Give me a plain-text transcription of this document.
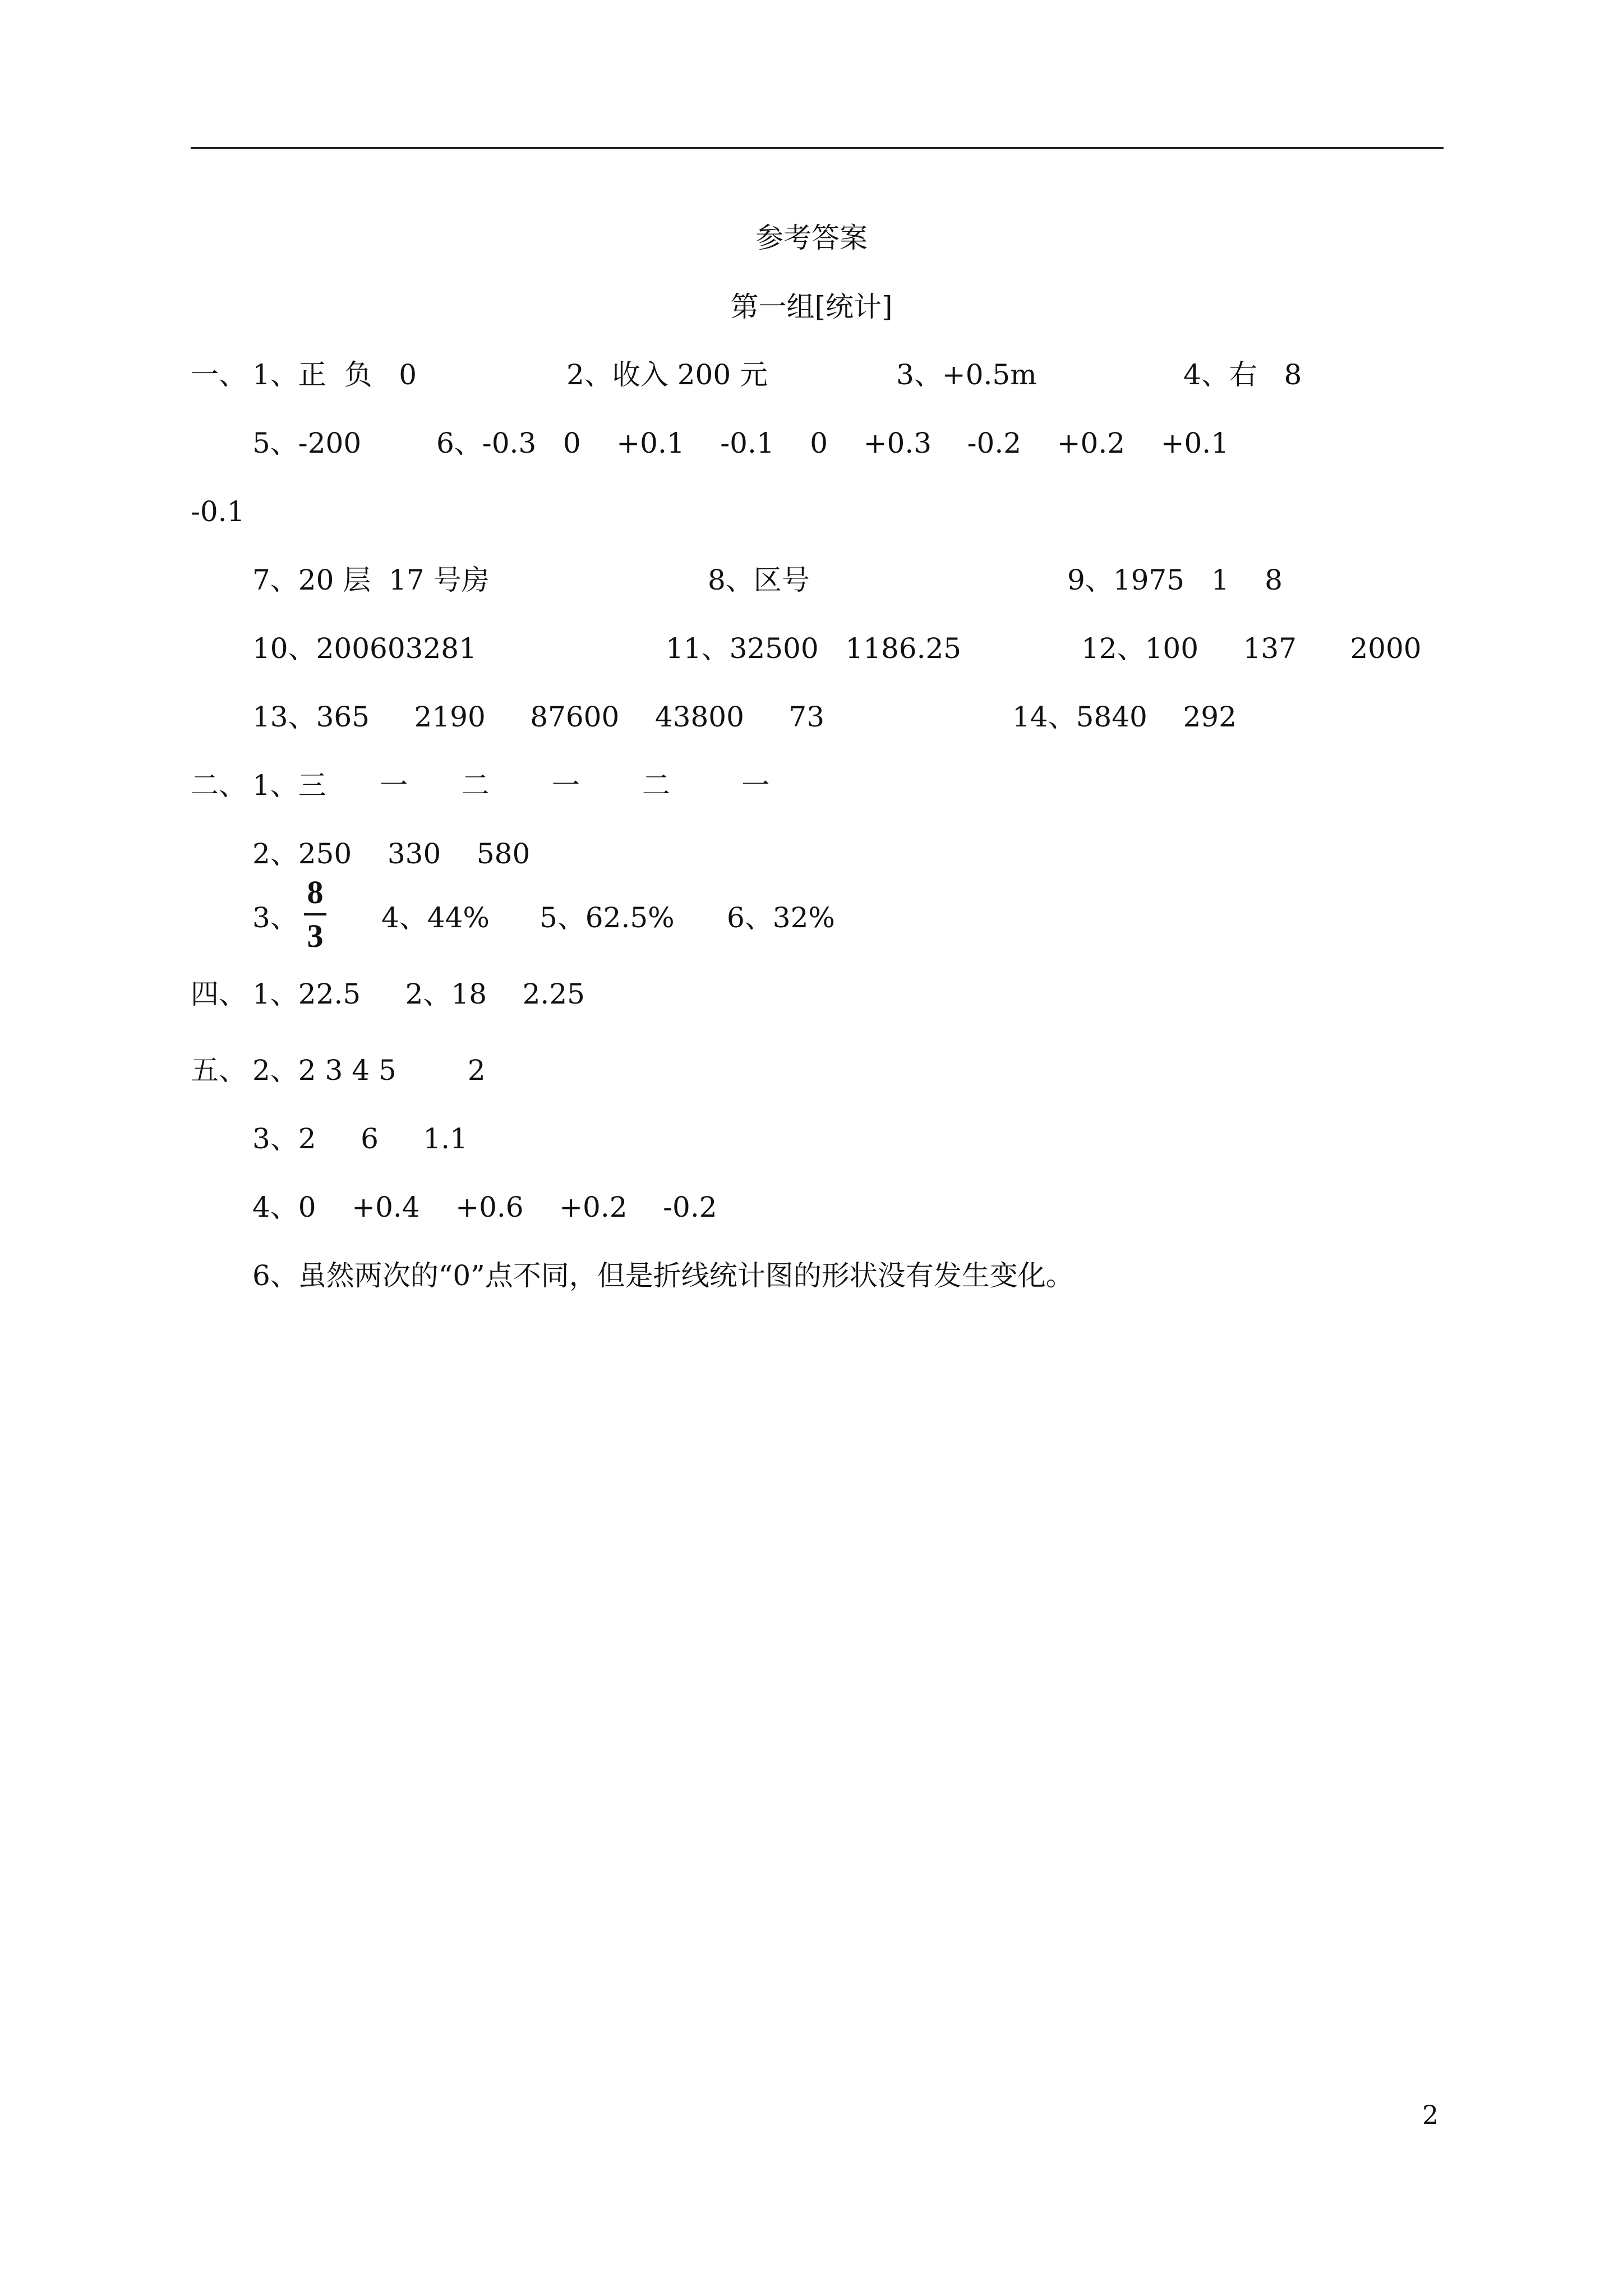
参考答案
第一组[统计]
一、 1、正  负   0	2、收入 200 元	3、+0.5m	4、右   8
5、-200	6、-0.3   0    +0.1    -0.1    0    +0.3    -0.2    +0.2    +0.1
-0.1
7、20 层  17 号房	8、区号	9、1975   1    8
10、200603281	11、32500   1186.25	12、100     137      2000
13、365     2190     87600    43800     73	14、5840    292
二、 1、三      一      二       一       二        一
2、250    330    580
3、
8
3 4、44% 5、62.5% 6、32%
四、 1、22.5     2、18    2.25
五、 2、2 3 4 5        2
3、2     6     1.1
4、0    +0.4    +0.6    +0.2    -0.2
6、虽然两次的“0”点不同，但是折线统计图的形状没有发生变化。
2
